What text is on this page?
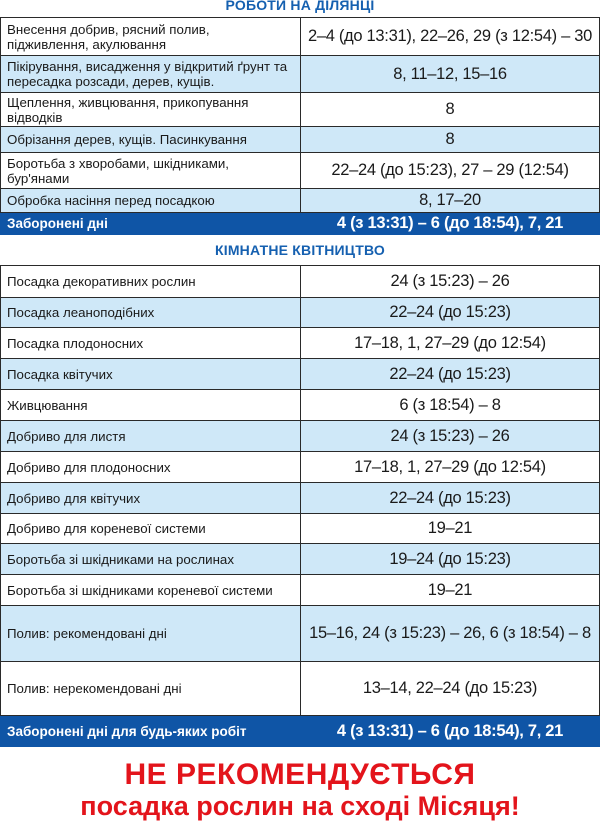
РОБОТИ НА ДІЛЯНЦІ
Внесення добрив, рясний полив, підживлення, акулювання	2–4 (до 13:31), 22–26, 29 (з 12:54) – 30
Пікірування, висадження у відкритий ґрунт та пересадка розсади, дерев, кущів.	8, 11–12, 15–16
Щеплення, живцювання, прикопування відводків	8
Обрізання дерев, кущів. Пасинкування	8
Боротьба з хворобами, шкідниками, бур'янами	22–24 (до 15:23), 27 – 29 (12:54)
Обробка насіння перед посадкою	8, 17–20
Заборонені дні	4 (з 13:31) – 6 (до 18:54), 7, 21
КІМНАТНЕ КВІТНИЦТВО
Посадка декоративних рослин	24 (з 15:23) – 26
Посадка леаноподібних	22–24 (до 15:23)
Посадка плодоносних	17–18, 1, 27–29 (до 12:54)
Посадка квітучих	22–24 (до 15:23)
Живцювання	6 (з 18:54) – 8
Добриво для листя	24 (з 15:23) – 26
Добриво для плодоносних	17–18, 1, 27–29 (до 12:54)
Добриво для квітучих	22–24 (до 15:23)
Добриво для кореневої системи	19–21
Боротьба зі шкідниками на рослинах	19–24 (до 15:23)
Боротьба зі шкідниками кореневої системи	19–21
Полив: рекомендовані дні	15–16, 24 (з 15:23) – 26, 6 (з 18:54) – 8
Полив: нерекомендовані дні	13–14, 22–24 (до 15:23)
Заборонені дні для будь-яких робіт	4 (з 13:31) – 6 (до 18:54), 7, 21
НЕ РЕКОМЕНДУЄТЬСЯ
посадка рослин на сході Місяця!
